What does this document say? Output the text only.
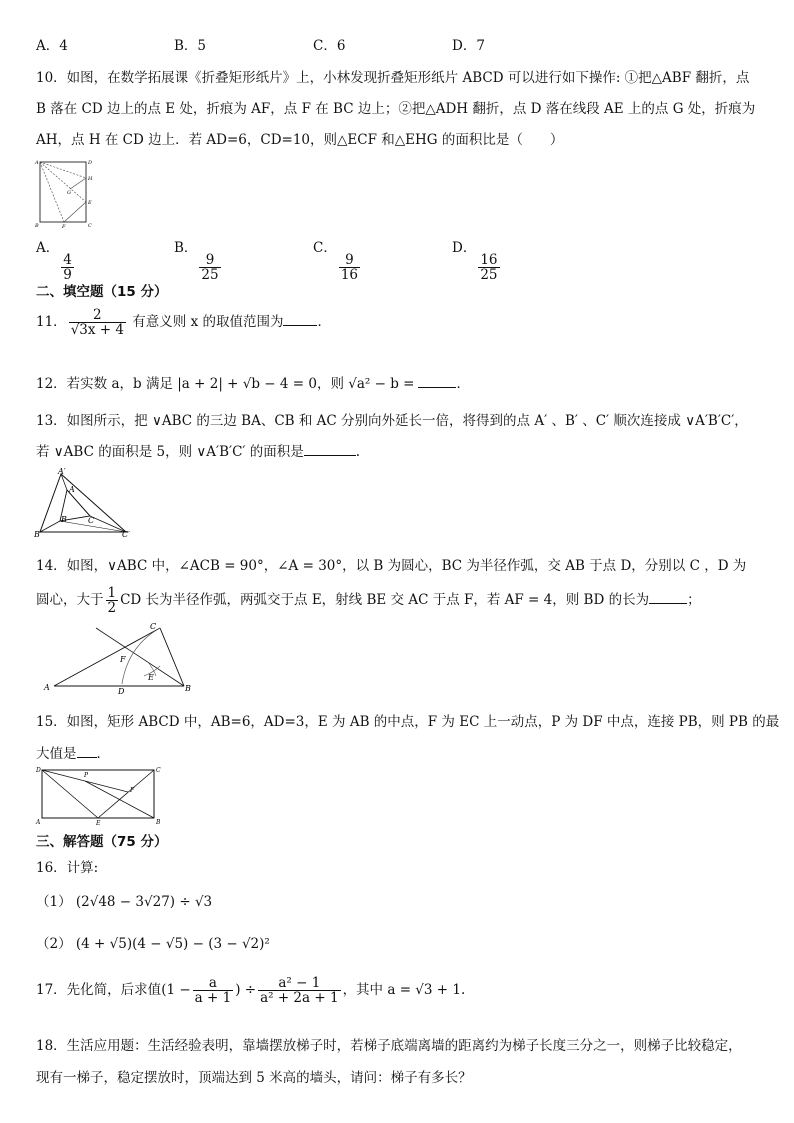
A．4	B．5	C．6	D．7
10．如图，在数学拓展课《折叠矩形纸片》上，小林发现折叠矩形纸片 ABCD 可以进行如下操作: ①把△ABF 翻折，点
B 落在 CD 边上的点 E 处，折痕为 AF，点 F 在 BC 边上；②把△ADH 翻折，点 D 落在线段 AE 上的点 G 处，折痕为
AH，点 H 在 CD 边上．若 AD=6，CD=10，则△ECF 和△EHG 的面积比是（　　）
A	D
H
G
E
B	F	C
A．
$\frac{4}{9}$
B．
$\frac{9}{25}$
C．
$\frac{9}{16}$
D．
$\frac{16}{25}$
二、填空题（15 分）
11． $\frac{2}{√3x + 4}$ 有意义则 x 的取值范围为	．
12．若实数 a，b 满足 |a + 2| + √b − 4 = 0，则 √a² − b =	．
13．如图所示，把 ∨ABC 的三边 BA、CB 和 AC 分别向外延长一倍，将得到的点 A′ 、B′ 、C′ 顺次连接成 ∨A′B′C′，
若 ∨ABC 的面积是 5，则 ∨A′B′C′ 的面积是	.
A′
A
B	C
B′	C′
14．如图，∨ABC 中，∠ACB = 90°，∠A = 30°，以 B 为圆心，BC 为半径作弧，交 AB 于点 D，分别以 C ，D 为
圆心，大于 $\frac{1}{2}$ CD 长为半径作弧，两弧交于点 E，射线 BE 交 AC 于点 F，若 AF = 4，则 BD 的长为	；
C
F
E
A	D	B
15．如图，矩形 ABCD 中，AB=6，AD=3，E 为 AB 的中点，F 为 EC 上一动点，P 为 DF 中点，连接 PB，则 PB 的最
大值是 ．
D
P
C
F
A	E	B
三、解答题（75 分）
16．计算:
（1） (2√48 − 3√27) ÷ √3
（2） (4 + √5)(4 − √5) − (3 − √2)²
17．先化简，后求值($1 - \frac{a}{a + 1}$ ) ÷ $\frac{\text{a² − 1}}{\text{a² + 2a + 1}}$ ，其中 a = √3 + 1.
18．生活应用题：生活经验表明，靠墙摆放梯子时，若梯子底端离墙的距离约为梯子长度三分之一，则梯子比较稳定，
现有一梯子，稳定摆放时，顶端达到 5 米高的墙头，请问：梯子有多长？
